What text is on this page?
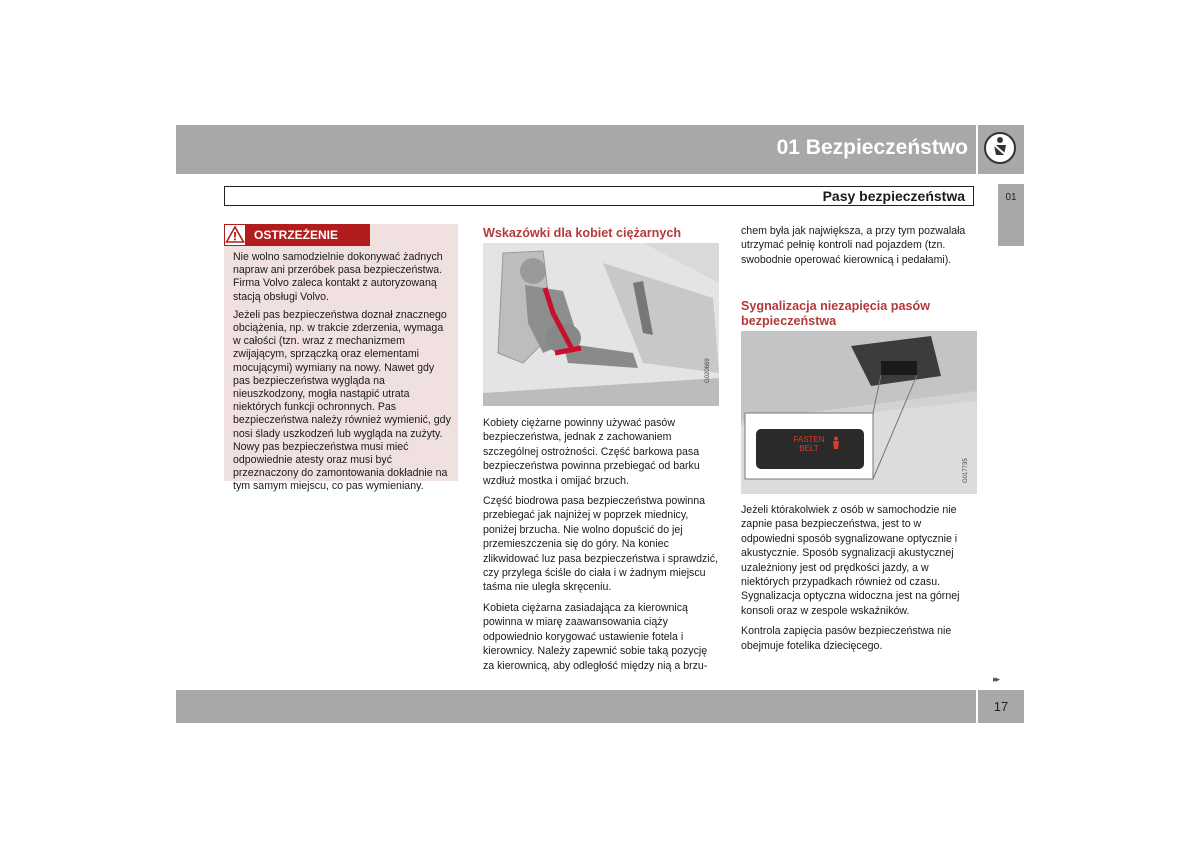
01 Bezpieczeństwo
Pasy bezpieczeństwa	01
OSTRZEŻENIE

Nie wolno samodzielnie dokonywać żadnych napraw ani przeróbek pasa bezpieczeństwa. Firma Volvo zaleca kontakt z autoryzowaną stacją obsługi Volvo.

Jeżeli pas bezpieczeństwa doznał znacznego obciążenia, np. w trakcie zderzenia, wymaga w całości (tzn. wraz z mechanizmem zwijającym, sprzączką oraz elementami mocującymi) wymiany na nowy. Nawet gdy pas bezpieczeństwa wygląda na nieuszkodzony, mogła nastąpić utrata niektórych funkcji ochronnych. Pas bezpieczeństwa należy również wymienić, gdy nosi ślady uszkodzeń lub wygląda na zużyty. Nowy pas bezpieczeństwa musi mieć odpowiednie atesty oraz musi być przeznaczony do zamontowania dokładnie na tym samym miejscu, co pas wymieniany.

Wskazówki dla kobiet ciężarnych
G020669

Kobiety ciężarne powinny używać pasów bezpieczeństwa, jednak z zachowaniem szczególnej ostrożności. Część barkowa pasa bezpieczeństwa powinna przebiegać od barku wzdłuż mostka i omijać brzuch.

Część biodrowa pasa bezpieczeństwa powinna przebiegać jak najniżej w poprzek miednicy, poniżej brzucha. Nie wolno dopuścić do jej przemieszczenia się do góry. Na koniec zlikwidować luz pasa bezpieczeństwa i sprawdzić, czy przylega ściśle do ciała i w żadnym miejscu taśma nie uległa skręceniu.

Kobieta ciężarna zasiadająca za kierownicą powinna w miarę zaawansowania ciąży odpowiednio korygować ustawienie fotela i kierownicy. Należy zapewnić sobie taką pozycję za kierownicą, aby odległość między nią a brzu-

chem była jak największa, a przy tym pozwalała utrzymać pełnię kontroli nad pojazdem (tzn. swobodnie operować kierownicą i pedałami).

Sygnalizacja niezapięcia pasów bezpieczeństwa
FASTEN
BELT
G017735

Jeżeli którakolwiek z osób w samochodzie nie zapnie pasa bezpieczeństwa, jest to w odpowiedni sposób sygnalizowane optycznie i akustycznie. Sposób sygnalizacji akustycznej uzależniony jest od prędkości jazdy, a w niektórych przypadkach również od czasu. Sygnalizacja optyczna widoczna jest na górnej konsoli oraz w zespole wskaźników.

Kontrola zapięcia pasów bezpieczeństwa nie obejmuje fotelika dziecięcego.

▸▸
17
